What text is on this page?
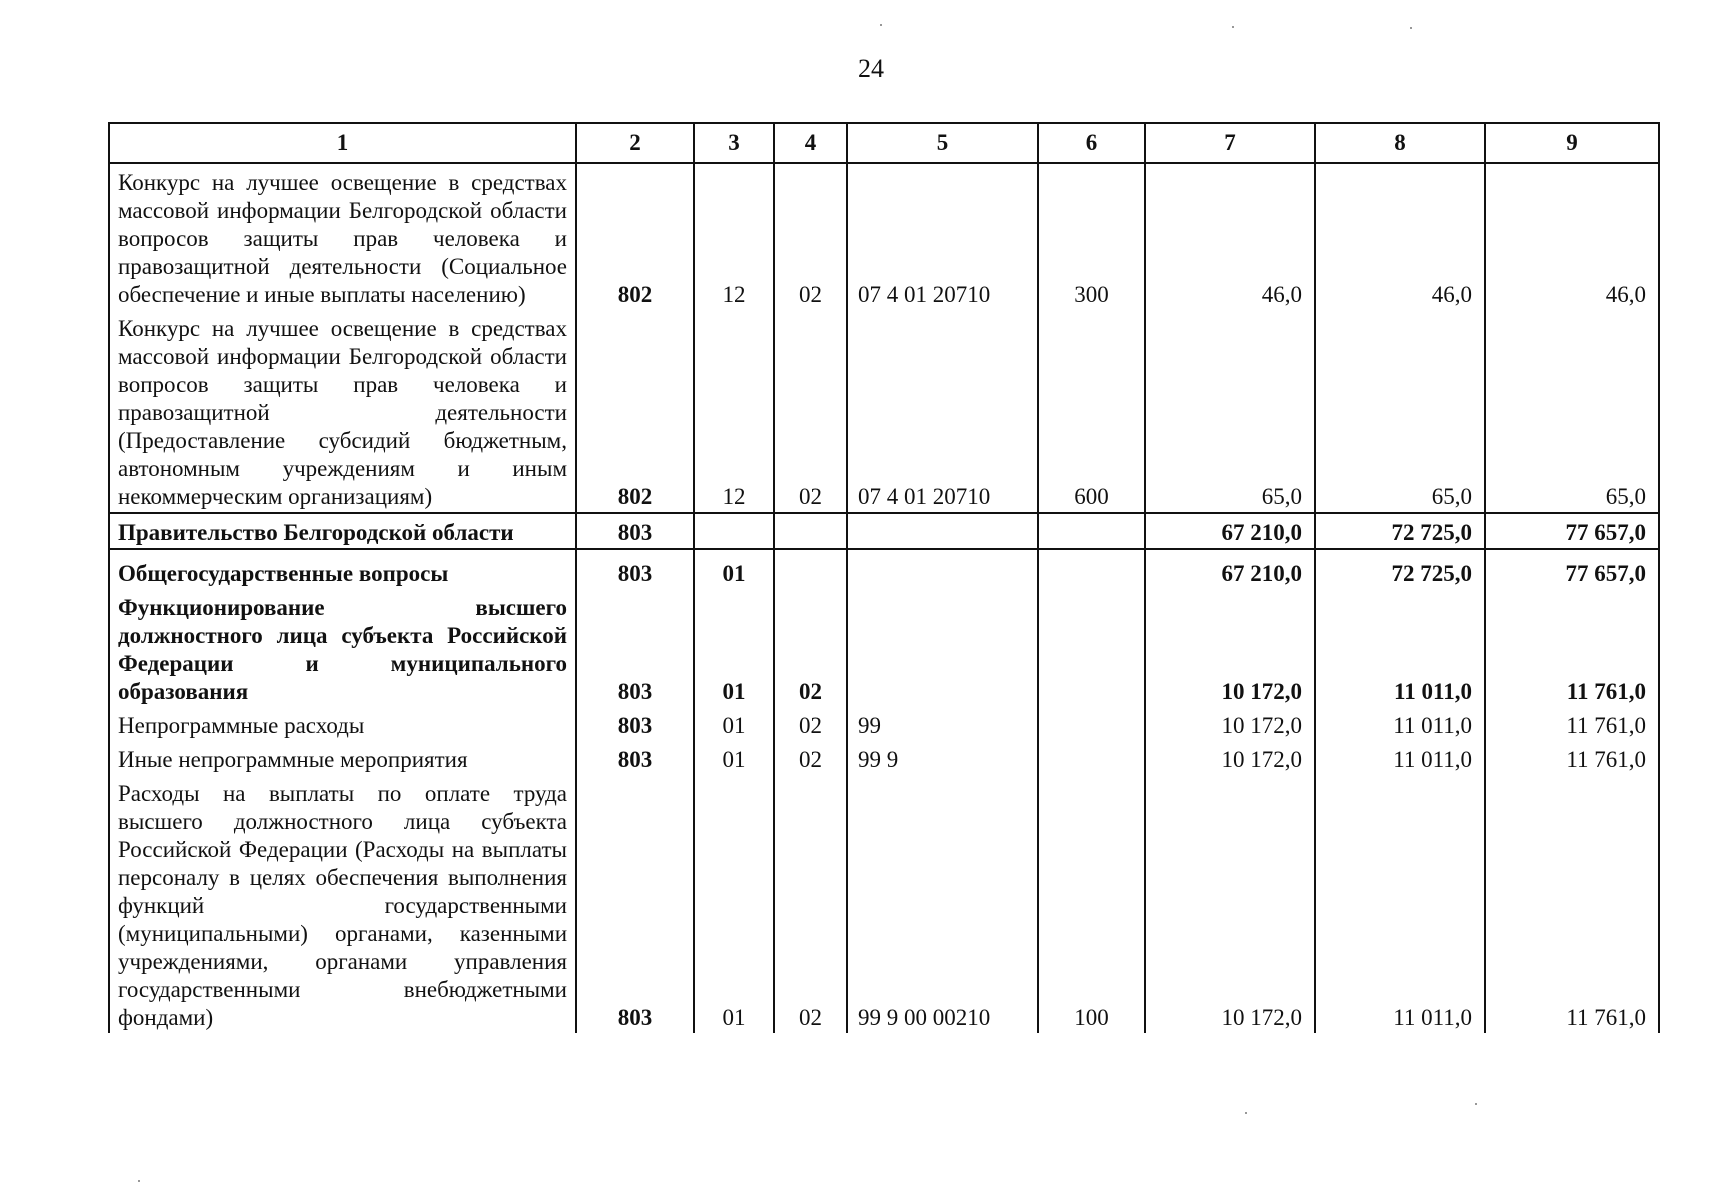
24
1	2	3	4	5	6	7	8	9
Конкурс на лучшее освещение в средствах массовой информации Белгородской области вопросов защиты прав человека и правозащитной деятельности (Социальное обеспечение и иные выплаты населению)	802	12	02	07 4 01 20710	300	46,0	46,0	46,0
Конкурс на лучшее освещение в средствах массовой информации Белгородской области вопросов защиты прав человека и правозащитной деятельности (Предоставление субсидий бюджетным, автономным учреждениям и иным некоммерческим организациям)	802	12	02	07 4 01 20710	600	65,0	65,0	65,0
Правительство Белгородской области	803					67 210,0	72 725,0	77 657,0
Общегосударственные вопросы	803	01				67 210,0	72 725,0	77 657,0
Функционирование высшего должностного лица субъекта Российской Федерации и муниципального образования	803	01	02			10 172,0	11 011,0	11 761,0
Непрограммные расходы	803	01	02	99		10 172,0	11 011,0	11 761,0
Иные непрограммные мероприятия	803	01	02	99 9		10 172,0	11 011,0	11 761,0
Расходы на выплаты по оплате труда высшего должностного лица субъекта Российской Федерации (Расходы на выплаты персоналу в целях обеспечения выполнения функций государственными (муниципальными) органами, казенными учреждениями, органами управления государственными внебюджетными фондами)	803	01	02	99 9 00 00210	100	10 172,0	11 011,0	11 761,0
